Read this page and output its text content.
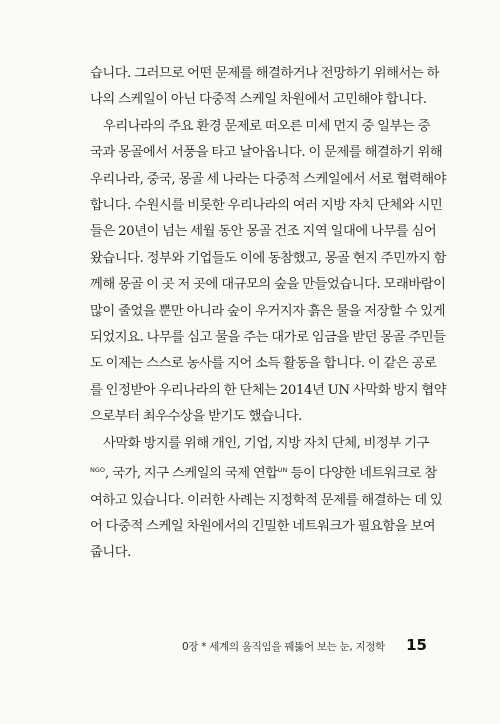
습니다. 그러므로 어떤 문제를 해결하거나 전망하기 위해서는 하
나의 스케일이 아닌 다중적 스케일 차원에서 고민해야 합니다.

우리나라의 주요 환경 문제로 떠오른 미세 먼지 중 일부는 중
국과 몽골에서 서풍을 타고 날아옵니다. 이 문제를 해결하기 위해
우리나라, 중국, 몽골 세 나라는 다중적 스케일에서 서로 협력해야
합니다. 수원시를 비롯한 우리나라의 여러 지방 자치 단체와 시민
들은 20년이 넘는 세월 동안 몽골 건조 지역 일대에 나무를 심어
왔습니다. 정부와 기업들도 이에 동참했고, 몽골 현지 주민까지 함
께해 몽골 이 곳 저 곳에 대규모의 숲을 만들었습니다. 모래바람이
많이 줄었을 뿐만 아니라 숲이 우거지자 흙은 물을 저장할 수 있게
되었지요. 나무를 심고 물을 주는 대가로 임금을 받던 몽골 주민들
도 이제는 스스로 농사를 지어 소득 활동을 합니다. 이 같은 공로
를 인정받아 우리나라의 한 단체는 2014년 UN 사막화 방지 협약
으로부터 최우수상을 받기도 했습니다.

사막화 방지를 위해 개인, 기업, 지방 자치 단체, 비정부 기구
$^{NGO}$, 국가, 지구 스케일의 국제 연합$^{UN}$ 등이 다양한 네트워크로 참
여하고 있습니다. 이러한 사례는 지정학적 문제를 해결하는 데 있
어 다중적 스케일 차원에서의 긴밀한 네트워크가 필요함을 보여
줍니다.

0장 * 세계의 움직임을 꿰뚫어 보는 눈, 지정학 15
